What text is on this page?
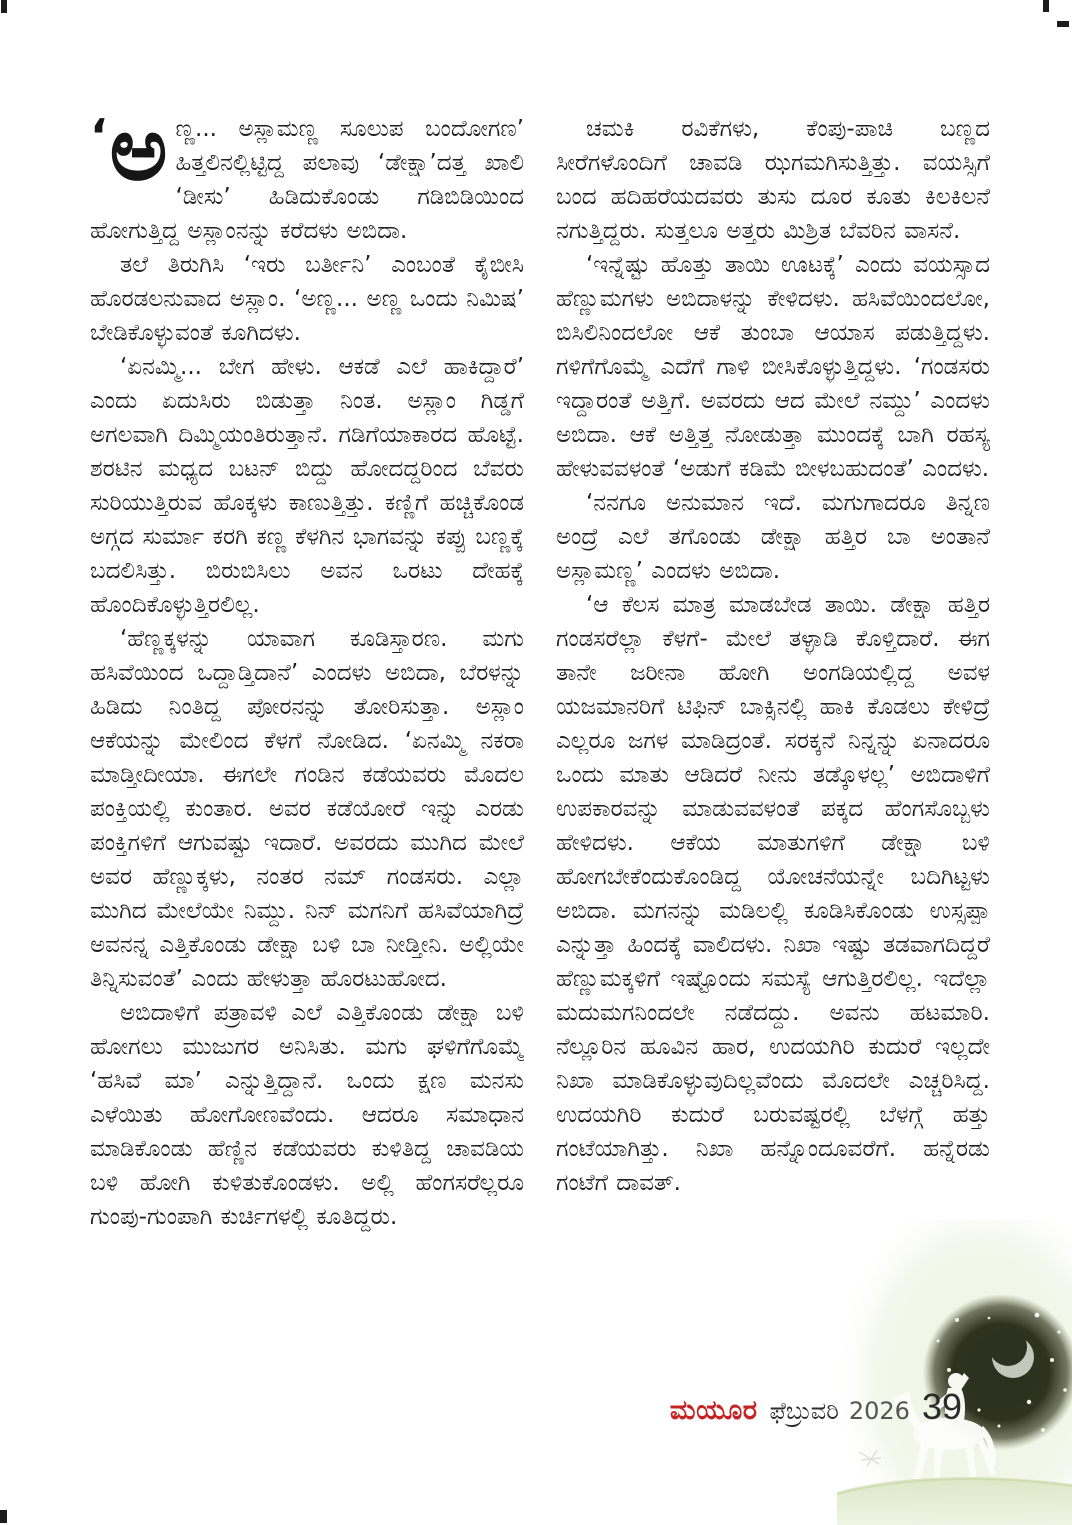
‘ ಅ ಣ್ಣ... ಅಸ್ಲಾಮಣ್ಣ ಸೂಲುಪ ಬಂದೋಗಣ’ ಹಿತ್ತಲಿನಲ್ಲಿಟ್ಟಿದ್ದ ಪಲಾವು ‘ಡೇಕ್ಷಾ’ದತ್ತ ಖಾಲಿ ‘ಡೀಸು’ ಹಿಡಿದುಕೊಂಡು ಗಡಿಬಿಡಿಯಿಂದ ಹೋಗುತ್ತಿದ್ದ ಅಸ್ಲಾಂನನ್ನು ಕರೆದಳು ಅಬಿದಾ.

ತಲೆ ತಿರುಗಿಸಿ ‘ಇರು ಬರ್ತೀನಿ’ ಎಂಬಂತೆ ಕೈಬೀಸಿ ಹೊರಡಲನುವಾದ ಅಸ್ಲಾಂ. ‘ಅಣ್ಣ... ಅಣ್ಣ ಒಂದು ನಿಮಿಷ’ ಬೇಡಿಕೊಳ್ಳುವಂತೆ ಕೂಗಿದಳು.

‘ಏನಮ್ಮಿ... ಬೇಗ ಹೇಳು. ಆಕಡೆ ಎಲೆ ಹಾಕಿದ್ದಾರೆ’ ಎಂದು ಏದುಸಿರು ಬಿಡುತ್ತಾ ನಿಂತ. ಅಸ್ಲಾಂ ಗಿಡ್ಡಗೆ ಅಗಲವಾಗಿ ದಿಮ್ಮಿಯಂತಿರುತ್ತಾನೆ. ಗಡಿಗೆಯಾಕಾರದ ಹೊಟ್ಟೆ. ಶರಟಿನ ಮಧ್ಯದ ಬಟನ್ ಬಿದ್ದು ಹೋದದ್ದರಿಂದ ಬೆವರು ಸುರಿಯುತ್ತಿರುವ ಹೊಕ್ಕಳು ಕಾಣುತ್ತಿತ್ತು. ಕಣ್ಣಿಗೆ ಹಚ್ಚಿಕೊಂಡ ಅಗ್ಗದ ಸುರ್ಮಾ ಕರಗಿ ಕಣ್ಣ ಕೆಳಗಿನ ಭಾಗವನ್ನು ಕಪ್ಪು ಬಣ್ಣಕ್ಕೆ ಬದಲಿಸಿತ್ತು. ಬಿರುಬಿಸಿಲು ಅವನ ಒರಟು ದೇಹಕ್ಕೆ ಹೊಂದಿಕೊಳ್ಳುತ್ತಿರಲಿಲ್ಲ.

‘ಹೆಣ್ಣಕ್ಕಳನ್ನು ಯಾವಾಗ ಕೂಡಿಸ್ತಾರಣ. ಮಗು ಹಸಿವೆಯಿಂದ ಒದ್ದಾಡ್ತಿದಾನೆ’ ಎಂದಳು ಅಬಿದಾ, ಬೆರಳನ್ನು ಹಿಡಿದು ನಿಂತಿದ್ದ ಪೋರನನ್ನು ತೋರಿಸುತ್ತಾ. ಅಸ್ಲಾಂ ಆಕೆಯನ್ನು ಮೇಲಿಂದ ಕೆಳಗೆ ನೋಡಿದ. ‘ಏನಮ್ಮಿ ನಕರಾ ಮಾಡ್ತೀದೀಯಾ. ಈಗಲೇ ಗಂಡಿನ ಕಡೆಯವರು ಮೊದಲ ಪಂಕ್ತಿಯಲ್ಲಿ ಕುಂತಾರ. ಅವರ ಕಡೆಯೋರೆ ಇನ್ನು ಎರಡು ಪಂಕ್ತಿಗಳಿಗೆ ಆಗುವಷ್ಟು ಇದಾರೆ. ಅವರದು ಮುಗಿದ ಮೇಲೆ ಅವರ ಹೆಣ್ಣುಕ್ಕಳು, ನಂತರ ನಮ್ ಗಂಡಸರು. ಎಲ್ಲಾ ಮುಗಿದ ಮೇಲೆಯೇ ನಿಮ್ದು. ನಿನ್ ಮಗನಿಗೆ ಹಸಿವೆಯಾಗಿದ್ರೆ ಅವನನ್ನ ಎತ್ತಿಕೊಂಡು ಡೇಕ್ಷಾ ಬಳಿ ಬಾ ನೀಡ್ತೀನಿ. ಅಲ್ಲಿಯೇ ತಿನ್ನಿಸುವಂತೆ’ ಎಂದು ಹೇಳುತ್ತಾ ಹೊರಟುಹೋದ.

ಅಬಿದಾಳಿಗೆ ಪತ್ರಾವಳಿ ಎಲೆ ಎತ್ತಿಕೊಂಡು ಡೇಕ್ಷಾ ಬಳಿ ಹೋಗಲು ಮುಜುಗರ ಅನಿಸಿತು. ಮಗು ಘಳಿಗೆಗೊಮ್ಮೆ ‘ಹಸಿವೆ ಮಾ’ ಎನ್ನುತ್ತಿದ್ದಾನೆ. ಒಂದು ಕ್ಷಣ ಮನಸು ಎಳೆಯಿತು ಹೋಗೋಣವೆಂದು. ಆದರೂ ಸಮಾಧಾನ ಮಾಡಿಕೊಂಡು ಹೆಣ್ಣಿನ ಕಡೆಯವರು ಕುಳಿತಿದ್ದ ಚಾವಡಿಯ ಬಳಿ ಹೋಗಿ ಕುಳಿತುಕೊಂಡಳು. ಅಲ್ಲಿ ಹೆಂಗಸರೆಲ್ಲರೂ ಗುಂಪು-ಗುಂಪಾಗಿ ಕುರ್ಚಿಗಳಲ್ಲಿ ಕೂತಿದ್ದರು.

ಚಮಕಿ ರವಿಕೆಗಳು, ಕೆಂಪು-ಪಾಚಿ ಬಣ್ಣದ ಸೀರೆಗಳೊಂದಿಗೆ ಚಾವಡಿ ಝಗಮಗಿಸುತ್ತಿತ್ತು. ವಯಸ್ಸಿಗೆ ಬಂದ ಹದಿಹರೆಯದವರು ತುಸು ದೂರ ಕೂತು ಕಿಲಕಿಲನೆ ನಗುತ್ತಿದ್ದರು. ಸುತ್ತಲೂ ಅತ್ತರು ಮಿಶ್ರಿತ ಬೆವರಿನ ವಾಸನೆ.

‘ಇನ್ನೆಷ್ಟು ಹೊತ್ತು ತಾಯಿ ಊಟಕ್ಕೆ’ ಎಂದು ವಯಸ್ಸಾದ ಹೆಣ್ಣುಮಗಳು ಅಬಿದಾಳನ್ನು ಕೇಳಿದಳು. ಹಸಿವೆಯಿಂದಲೋ, ಬಿಸಿಲಿನಿಂದಲೋ ಆಕೆ ತುಂಬಾ ಆಯಾಸ ಪಡುತ್ತಿದ್ದಳು. ಗಳಿಗೆಗೊಮ್ಮೆ ಎದೆಗೆ ಗಾಳಿ ಬೀಸಿಕೊಳ್ಳುತ್ತಿದ್ದಳು. ‘ಗಂಡಸರು ಇದ್ದಾರಂತೆ ಅತ್ತಿಗೆ. ಅವರದು ಆದ ಮೇಲೆ ನಮ್ದು’ ಎಂದಳು ಅಬಿದಾ. ಆಕೆ ಅತ್ತಿತ್ತ ನೋಡುತ್ತಾ ಮುಂದಕ್ಕೆ ಬಾಗಿ ರಹಸ್ಯ ಹೇಳುವವಳಂತೆ ‘ಅಡುಗೆ ಕಡಿಮೆ ಬೀಳಬಹುದಂತೆ’ ಎಂದಳು.

‘ನನಗೂ ಅನುಮಾನ ಇದೆ. ಮಗುಗಾದರೂ ತಿನ್ನಣ ಅಂದ್ರೆ ಎಲೆ ತಗೊಂಡು ಡೇಕ್ಷಾ ಹತ್ತಿರ ಬಾ ಅಂತಾನೆ ಅಸ್ಲಾಮಣ್ಣ’ ಎಂದಳು ಅಬಿದಾ.

‘ಆ ಕೆಲಸ ಮಾತ್ರ ಮಾಡಬೇಡ ತಾಯಿ. ಡೇಕ್ಷಾ ಹತ್ತಿರ ಗಂಡಸರೆಲ್ಲಾ ಕೆಳಗೆ- ಮೇಲೆ ತಳ್ಳಾಡಿ ಕೊಳ್ತಿದಾರೆ. ಈಗ ತಾನೇ ಜರೀನಾ ಹೋಗಿ ಅಂಗಡಿಯಲ್ಲಿದ್ದ ಅವಳ ಯಜಮಾನರಿಗೆ ಟಿಫಿನ್ ಬಾಕ್ಸಿನಲ್ಲಿ ಹಾಕಿ ಕೊಡಲು ಕೇಳಿದ್ರೆ ಎಲ್ಲರೂ ಜಗಳ ಮಾಡಿದ್ರಂತೆ. ಸರಕ್ಕನೆ ನಿನ್ನನ್ನು ಏನಾದರೂ ಒಂದು ಮಾತು ಆಡಿದರೆ ನೀನು ತಡ್ಕೊಳಲ್ಲ’ ಅಬಿದಾಳಿಗೆ ಉಪಕಾರವನ್ನು ಮಾಡುವವಳಂತೆ ಪಕ್ಕದ ಹೆಂಗಸೊಬ್ಬಳು ಹೇಳಿದಳು. ಆಕೆಯ ಮಾತುಗಳಿಗೆ ಡೇಕ್ಷಾ ಬಳಿ ಹೋಗಬೇಕೆಂದುಕೊಂಡಿದ್ದ ಯೋಚನೆಯನ್ನೇ ಬದಿಗಿಟ್ಟಳು ಅಬಿದಾ. ಮಗನನ್ನು ಮಡಿಲಲ್ಲಿ ಕೂಡಿಸಿಕೊಂಡು ಉಸ್ಸಪ್ಪಾ ಎನ್ನುತ್ತಾ ಹಿಂದಕ್ಕೆ ವಾಲಿದಳು. ನಿಖಾ ಇಷ್ಟು ತಡವಾಗದಿದ್ದರೆ ಹೆಣ್ಣುಮಕ್ಕಳಿಗೆ ಇಷ್ಟೊಂದು ಸಮಸ್ಯೆ ಆಗುತ್ತಿರಲಿಲ್ಲ. ಇದೆಲ್ಲಾ ಮದುಮಗನಿಂದಲೇ ನಡೆದದ್ದು. ಅವನು ಹಟಮಾರಿ. ನೆಲ್ಲೂರಿನ ಹೂವಿನ ಹಾರ, ಉದಯಗಿರಿ ಕುದುರೆ ಇಲ್ಲದೇ ನಿಖಾ ಮಾಡಿಕೊಳ್ಳುವುದಿಲ್ಲವೆಂದು ಮೊದಲೇ ಎಚ್ಚರಿಸಿದ್ದ. ಉದಯಗಿರಿ ಕುದುರೆ ಬರುವಷ್ಟರಲ್ಲಿ ಬೆಳಗ್ಗೆ ಹತ್ತು ಗಂಟೆಯಾಗಿತ್ತು. ನಿಖಾ ಹನ್ನೊಂದೂವರೆಗೆ. ಹನ್ನೆರಡು ಗಂಟೆಗೆ ದಾವತ್.

ಮಯೂರ ಫೆಬ್ರುವರಿ 2026 39
